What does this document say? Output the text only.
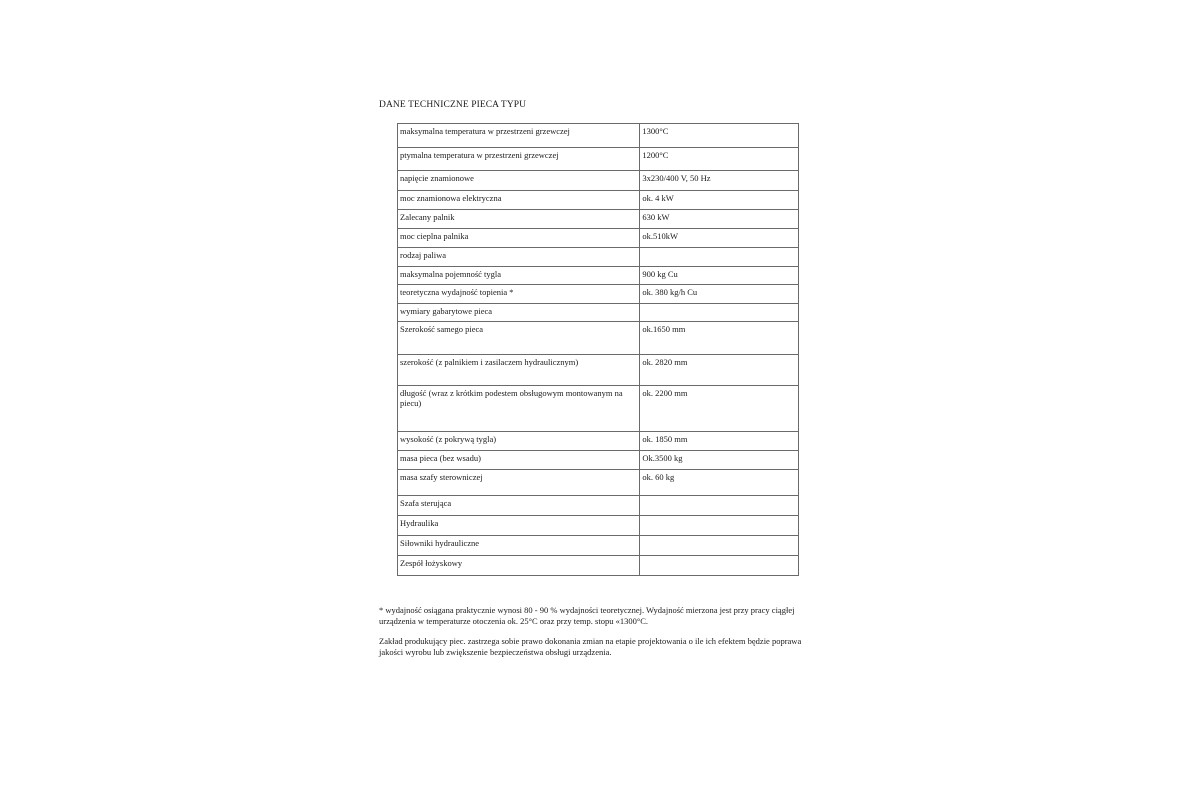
DANE TECHNICZNE PIECA TYPU
maksymalna temperatura w przestrzeni grzewczej	1300°C
ptymalna temperatura w przestrzeni grzewczej	1200°C
napięcie znamionowe	3x230/400 V, 50 Hz
moc znamionowa elektryczna	ok. 4 kW
Zalecany palnik	630 kW
moc cieplna palnika	ok.510kW
rodzaj paliwa	
maksymalna pojemność tygla	900 kg Cu
teoretyczna wydajność topienia *	ok. 380 kg/h Cu
wymiary gabarytowe pieca	
Szerokość samego pieca	ok.1650 mm
szerokość (z palnikiem i zasilaczem hydraulicznym)	ok. 2820 mm
długość (wraz z krótkim podestem obsługowym montowanym na piecu)	ok. 2200 mm
wysokość (z pokrywą tygla)	ok. 1850 mm
masa pieca (bez wsadu)	Ok.3500 kg
masa szafy sterowniczej	ok. 60 kg
Szafa sterująca	
Hydraulika	
Siłowniki hydrauliczne	
Zespół łożyskowy	

* wydajność osiągana praktycznie wynosi 80 - 90 % wydajności teoretycznej. Wydajność mierzona jest przy pracy ciągłej urządzenia w temperaturze otoczenia ok. 25°C oraz przy temp. stopu «1300°C.

Zakład produkujący piec. zastrzega sobie prawo dokonania zmian na etapie projektowania o ile ich efektem będzie poprawa jakości wyrobu lub zwiększenie bezpieczeństwa obsługi urządzenia.
